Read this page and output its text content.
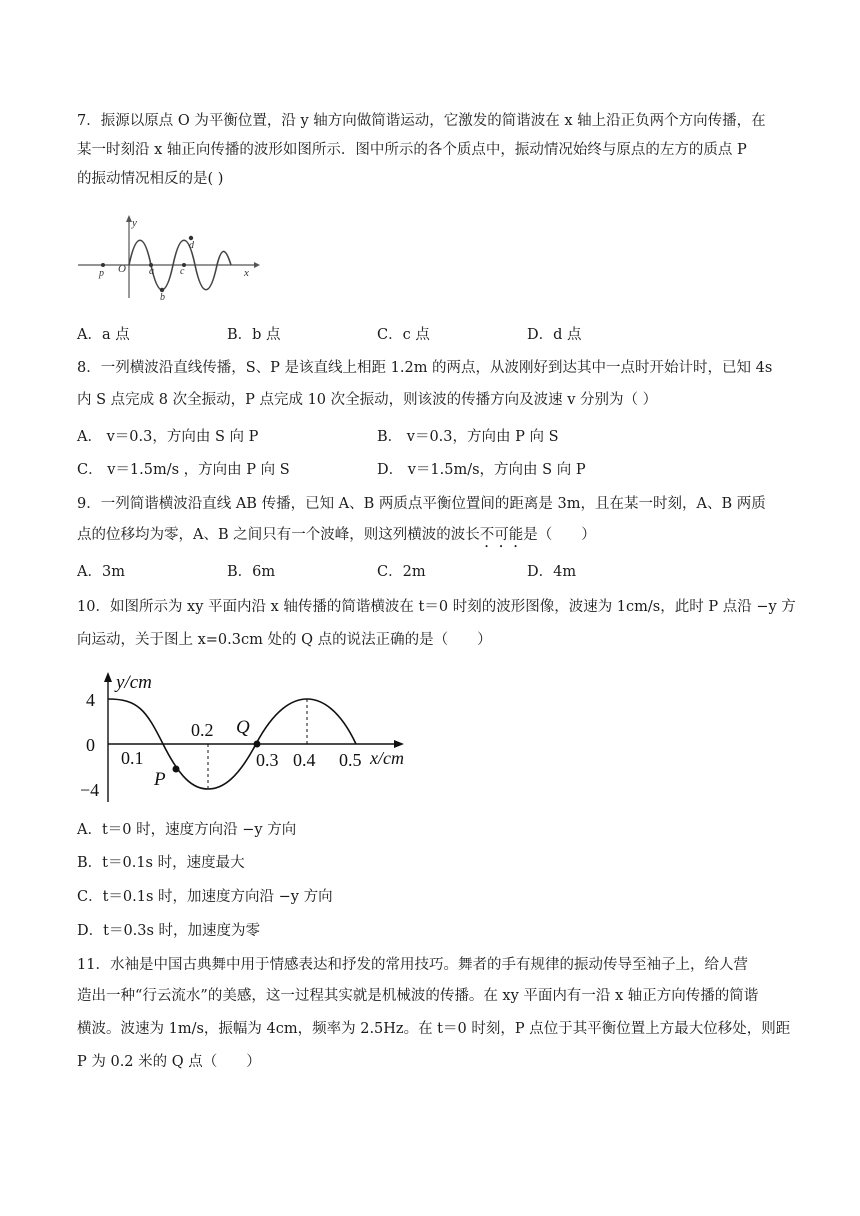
7．振源以原点 O 为平衡位置，沿 y 轴方向做简谐运动，它激发的简谐波在 x 轴上沿正负两个方向传播，在
某一时刻沿 x 轴正向传播的波形如图所示．图中所示的各个质点中，振动情况始终与原点的左方的质点 P
的振动情况相反的是( )
y
x
O
p	a
b
c
d
A．a 点	B．b 点	C．c 点	D．d 点
8．一列横波沿直线传播，S、P 是该直线上相距 1.2m 的两点，从波刚好到达其中一点时开始计时，已知 4s
内 S 点完成 8 次全振动，P 点完成 10 次全振动，则该波的传播方向及波速 v 分别为（ ）
A． v＝0.3，方向由 S 向 P	B． v＝0.3，方向由 P 向 S
C． v＝1.5m/s ，方向由 P 向 S	D． v＝1.5m/s，方向由 S 向 P
9．一列简谐横波沿直线 AB 传播，已知 A、B 两质点平衡位置间的距离是 3m，且在某一时刻，A、B 两质
点的位移均为零，A、B 之间只有一个波峰，则这列横波的波长不可能是（　　）
A．3m	B．6m	C．2m	D．4m
10．如图所示为 xy 平面内沿 x 轴传播的简谐横波在 t＝0 时刻的波形图像，波速为 1cm/s，此时 P 点沿 −y 方
向运动，关于图上 x=0.3cm 处的 Q 点的说法正确的是（　　）
y/cm
x/cm
4
0
−4
0.1
0.2
0.3 0.4 0.5
P
Q
A．t＝0 时，速度方向沿 −y 方向
B．t＝0.1s 时，速度最大
C．t＝0.1s 时，加速度方向沿 −y 方向
D．t＝0.3s 时，加速度为零
11．水袖是中国古典舞中用于情感表达和抒发的常用技巧。舞者的手有规律的振动传导至袖子上，给人营
造出一种“行云流水”的美感，这一过程其实就是机械波的传播。在 xy 平面内有一沿 x 轴正方向传播的简谐
横波。波速为 1m/s，振幅为 4cm，频率为 2.5Hz。在 t＝0 时刻，P 点位于其平衡位置上方最大位移处，则距
P 为 0.2 米的 Q 点（　　）
